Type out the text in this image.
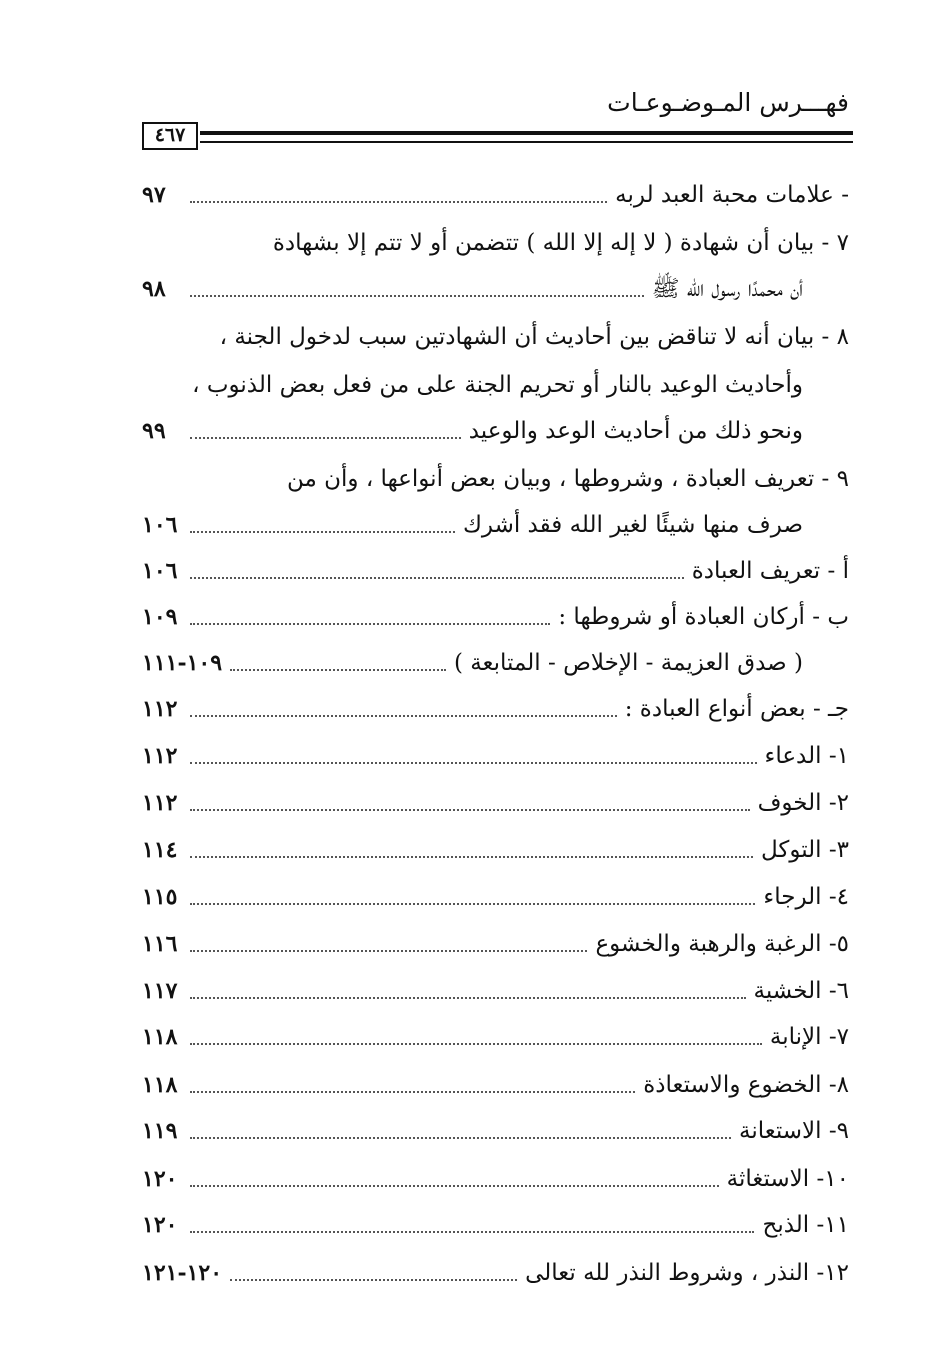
فهـــرس المـوضـوعـات
٤٦٧
-

علامات محبة العبد لربه
٩٧
٧ -

بيان أن شهادة ( لا إله إلا الله ) تتضمن أو لا تتم إلا بشهادة
أن محمدًا رسول الله ﷺ
٩٨
٨ -

بيان أنه لا تناقض بين أحاديث أن الشهادتين سبب لدخول الجنة ،
وأحاديث الوعيد بالنار أو تحريم الجنة على من فعل بعض الذنوب ،
ونحو ذلك من أحاديث الوعد والوعيد
٩٩
٩ -

تعريف العبادة ، وشروطها ، وبيان بعض أنواعها ، وأن من
صرف منها شيئًا لغير الله فقد أشرك
١٠٦
أ -

تعريف العبادة
١٠٦
ب -

أركان العبادة أو شروطها :
١٠٩
( صدق العزيمة - الإخلاص - المتابعة )
١٠٩-١١١
جـ -

بعض أنواع العبادة :
١١٢
١-

الدعاء
١١٢
٢-

الخوف
١١٢
٣-

التوكل
١١٤
٤-

الرجاء
١١٥
٥-

الرغبة والرهبة والخشوع
١١٦
٦-

الخشية
١١٧
٧-

الإنابة
١١٨
٨-

الخضوع والاستعاذة
١١٨
٩-

الاستعانة
١١٩
١٠-

الاستغاثة
١٢٠
١١-

الذبح
١٢٠
١٢-

النذر ، وشروط النذر لله تعالى
١٢٠-١٢١
